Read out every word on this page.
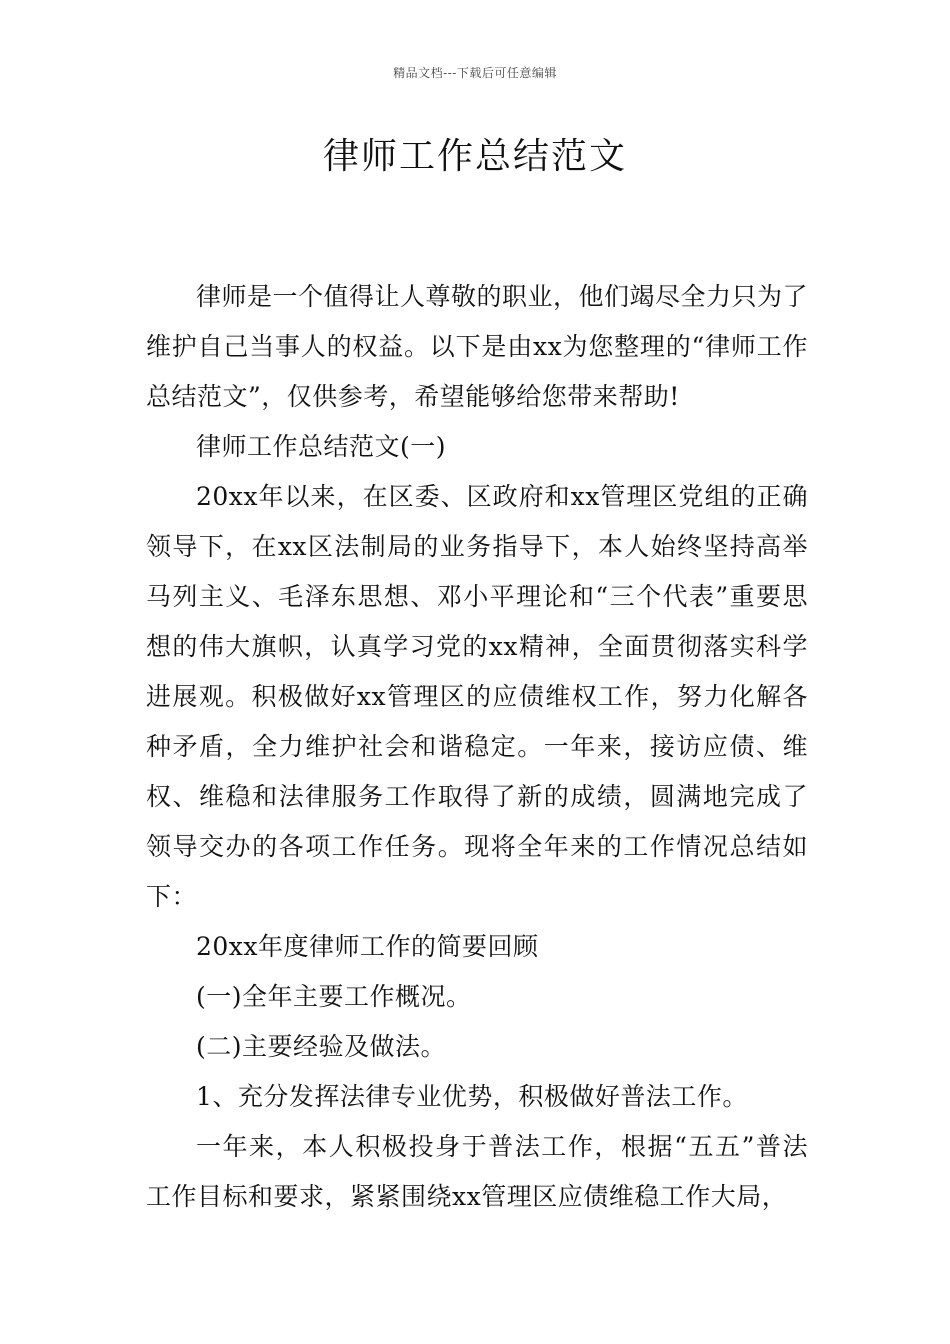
精品文档---下载后可任意编辑
律师工作总结范文

律师是一个值得让人尊敬的职业，他们竭尽全力只为了维护自己当事人的权益。以下是由xx为您整理的“律师工作总结范文”，仅供参考，希望能够给您带来帮助!

律师工作总结范文(一)

20xx年以来，在区委、区政府和xx管理区党组的正确领导下，在xx区法制局的业务指导下，本人始终坚持高举马列主义、毛泽东思想、邓小平理论和“三个代表”重要思想的伟大旗帜，认真学习党的xx精神，全面贯彻落实科学进展观。积极做好xx管理区的应债维权工作，努力化解各种矛盾，全力维护社会和谐稳定。一年来，接访应债、维权、维稳和法律服务工作取得了新的成绩，圆满地完成了领导交办的各项工作任务。现将全年来的工作情况总结如下：

20xx年度律师工作的简要回顾

(一)全年主要工作概况。

(二)主要经验及做法。

1、充分发挥法律专业优势，积极做好普法工作。

一年来，本人积极投身于普法工作，根据“五五”普法工作目标和要求，紧紧围绕xx管理区应债维稳工作大局，
